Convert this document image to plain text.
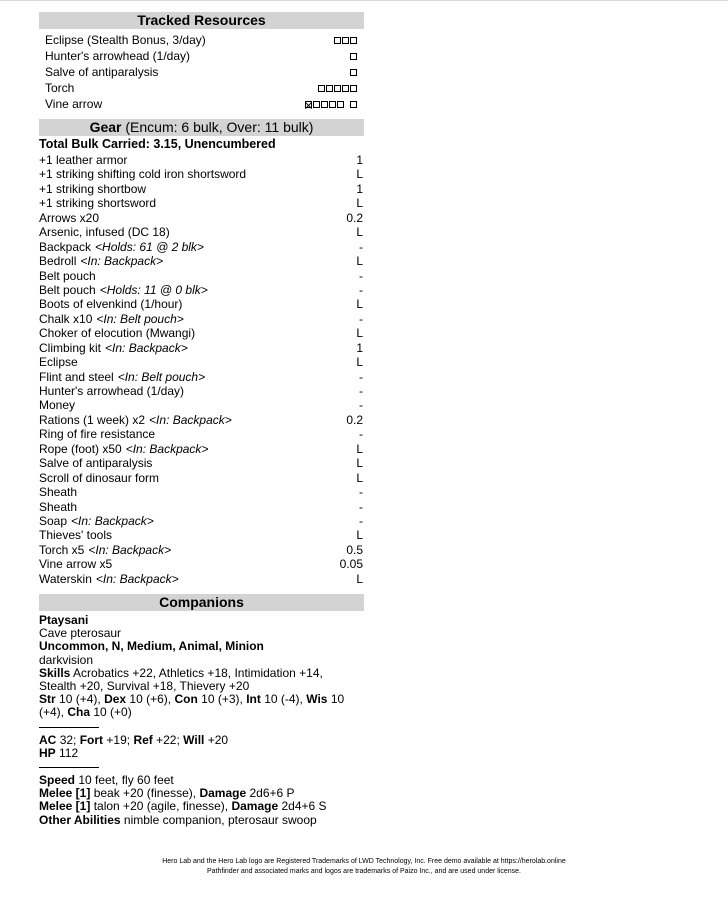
Tracked Resources
Eclipse (Stealth Bonus, 3/day)
Hunter's arrowhead (1/day)
Salve of antiparalysis
Torch
Vine arrow
Gear (Encum: 6 bulk, Over: 11 bulk)
Total Bulk Carried: 3.15, Unencumbered
+1 leather armor	1
+1 striking shifting cold iron shortsword	L
+1 striking shortbow	1
+1 striking shortsword	L
Arrows x20	0.2
Arsenic, infused (DC 18)	L
Backpack <Holds: 61 @ 2 blk>	-
Bedroll <In: Backpack>	L
Belt pouch	-
Belt pouch <Holds: 11 @ 0 blk>	-
Boots of elvenkind (1/hour)	L
Chalk x10 <In: Belt pouch>	-
Choker of elocution (Mwangi)	L
Climbing kit <In: Backpack>	1
Eclipse	L
Flint and steel <In: Belt pouch>	-
Hunter's arrowhead (1/day)	-
Money	-
Rations (1 week) x2 <In: Backpack>	0.2
Ring of fire resistance	-
Rope (foot) x50 <In: Backpack>	L
Salve of antiparalysis	L
Scroll of dinosaur form	L
Sheath	-
Sheath	-
Soap <In: Backpack>	-
Thieves' tools	L
Torch x5 <In: Backpack>	0.5
Vine arrow x5	0.05
Waterskin <In: Backpack>	L
Companions
Ptaysani
Cave pterosaur
Uncommon, N, Medium, Animal, Minion
darkvision
Skills Acrobatics +22, Athletics +18, Intimidation +14,
Stealth +20, Survival +18, Thievery +20
Str 10 (+4), Dex 10 (+6), Con 10 (+3), Int 10 (-4), Wis 10
(+4), Cha 10 (+0)
AC 32; Fort +19; Ref +22; Will +20
HP 112
Speed 10 feet, fly 60 feet
Melee [1] beak +20 (finesse), Damage 2d6+6 P
Melee [1] talon +20 (agile, finesse), Damage 2d4+6 S
Other Abilities nimble companion, pterosaur swoop
Hero Lab and the Hero Lab logo are Registered Trademarks of LWD Technology, Inc. Free demo available at https://herolab.online
Pathfinder and associated marks and logos are trademarks of Paizo Inc., and are used under license.
